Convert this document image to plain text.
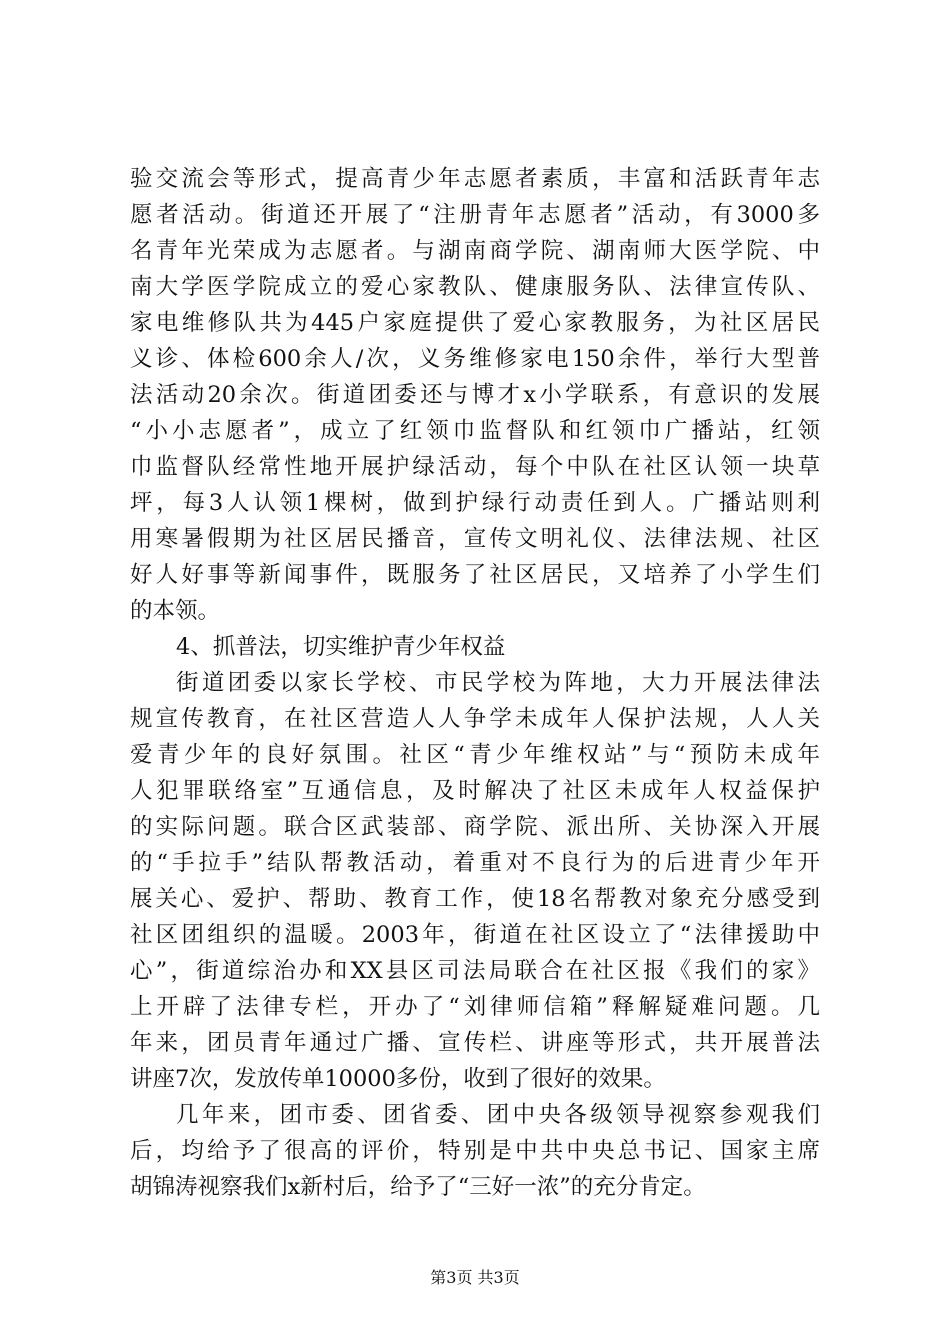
验交流会等形式，提高青少年志愿者素质，丰富和活跃青年志
愿者活动。街道还开展了“注册青年志愿者”活动，有3000多
名青年光荣成为志愿者。与湖南商学院、湖南师大医学院、中
南大学医学院成立的爱心家教队、健康服务队、法律宣传队、
家电维修队共为445户家庭提供了爱心家教服务，为社区居民
义诊、体检600余人/次，义务维修家电150余件，举行大型普
法活动20余次。街道团委还与博才x小学联系，有意识的发展
“小小志愿者”，成立了红领巾监督队和红领巾广播站，红领
巾监督队经常性地开展护绿活动，每个中队在社区认领一块草
坪，每3人认领1棵树，做到护绿行动责任到人。广播站则利
用寒暑假期为社区居民播音，宣传文明礼仪、法律法规、社区
好人好事等新闻事件，既服务了社区居民，又培养了小学生们
的本领。
4、抓普法，切实维护青少年权益
街道团委以家长学校、市民学校为阵地，大力开展法律法
规宣传教育，在社区营造人人争学未成年人保护法规，人人关
爱青少年的良好氛围。社区“青少年维权站”与“预防未成年
人犯罪联络室”互通信息，及时解决了社区未成年人权益保护
的实际问题。联合区武装部、商学院、派出所、关协深入开展
的“手拉手”结队帮教活动，着重对不良行为的后进青少年开
展关心、爱护、帮助、教育工作，使18名帮教对象充分感受到
社区团组织的温暖。2003年，街道在社区设立了“法律援助中
心”，街道综治办和XX县区司法局联合在社区报《我们的家》
上开辟了法律专栏，开办了“刘律师信箱”释解疑难问题。几
年来，团员青年通过广播、宣传栏、讲座等形式，共开展普法
讲座7次，发放传单10000多份，收到了很好的效果。
几年来，团市委、团省委、团中央各级领导视察参观我们
后，均给予了很高的评价，特别是中共中央总书记、国家主席
胡锦涛视察我们x新村后，给予了“三好一浓”的充分肯定。
第3页 共3页
